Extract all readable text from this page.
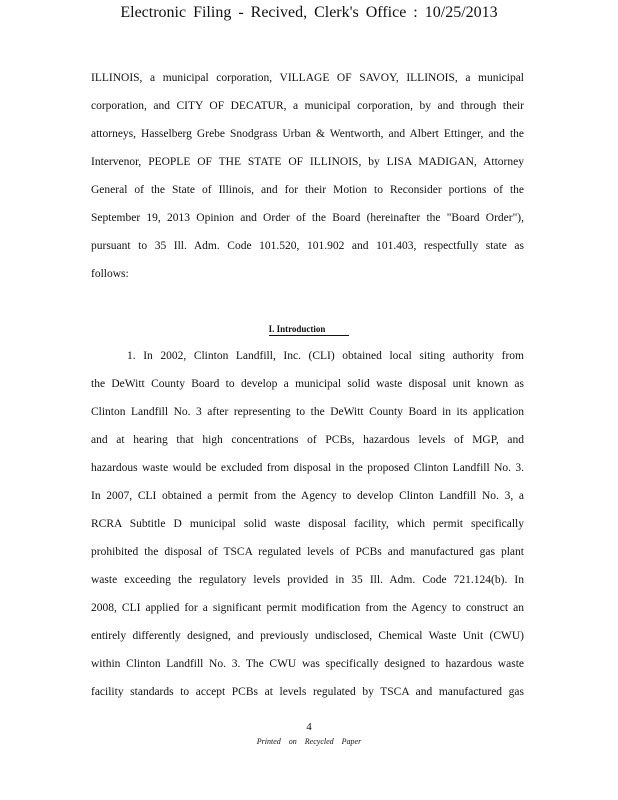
Electronic Filing - Recived, Clerk's Office : 10/25/2013
ILLINOIS, a municipal corporation, VILLAGE OF SAVOY, ILLINOIS, a municipal
corporation, and CITY OF DECATUR, a municipal corporation, by and through their
attorneys, Hasselberg Grebe Snodgrass Urban & Wentworth, and Albert Ettinger, and the
Intervenor, PEOPLE OF THE STATE OF ILLINOIS, by LISA MADIGAN, Attorney
General of the State of Illinois, and for their Motion to Reconsider portions of the
September 19, 2013 Opinion and Order of the Board (hereinafter the "Board Order"),
pursuant to 35 Ill. Adm. Code 101.520, 101.902 and 101.403, respectfully state as
follows:
I. Introduction
1. In 2002, Clinton Landfill, Inc. (CLI) obtained local siting authority from
the DeWitt County Board to develop a municipal solid waste disposal unit known as
Clinton Landfill No. 3 after representing to the DeWitt County Board in its application
and at hearing that high concentrations of PCBs, hazardous levels of MGP, and
hazardous waste would be excluded from disposal in the proposed Clinton Landfill No. 3.
In 2007, CLI obtained a permit from the Agency to develop Clinton Landfill No. 3, a
RCRA Subtitle D municipal solid waste disposal facility, which permit specifically
prohibited the disposal of TSCA regulated levels of PCBs and manufactured gas plant
waste exceeding the regulatory levels provided in 35 Ill. Adm. Code 721.124(b). In
2008, CLI applied for a significant permit modification from the Agency to construct an
entirely differently designed, and previously undisclosed, Chemical Waste Unit (CWU)
within Clinton Landfill No. 3. The CWU was specifically designed to hazardous waste
facility standards to accept PCBs at levels regulated by TSCA and manufactured gas
4
Printed on Recycled Paper
